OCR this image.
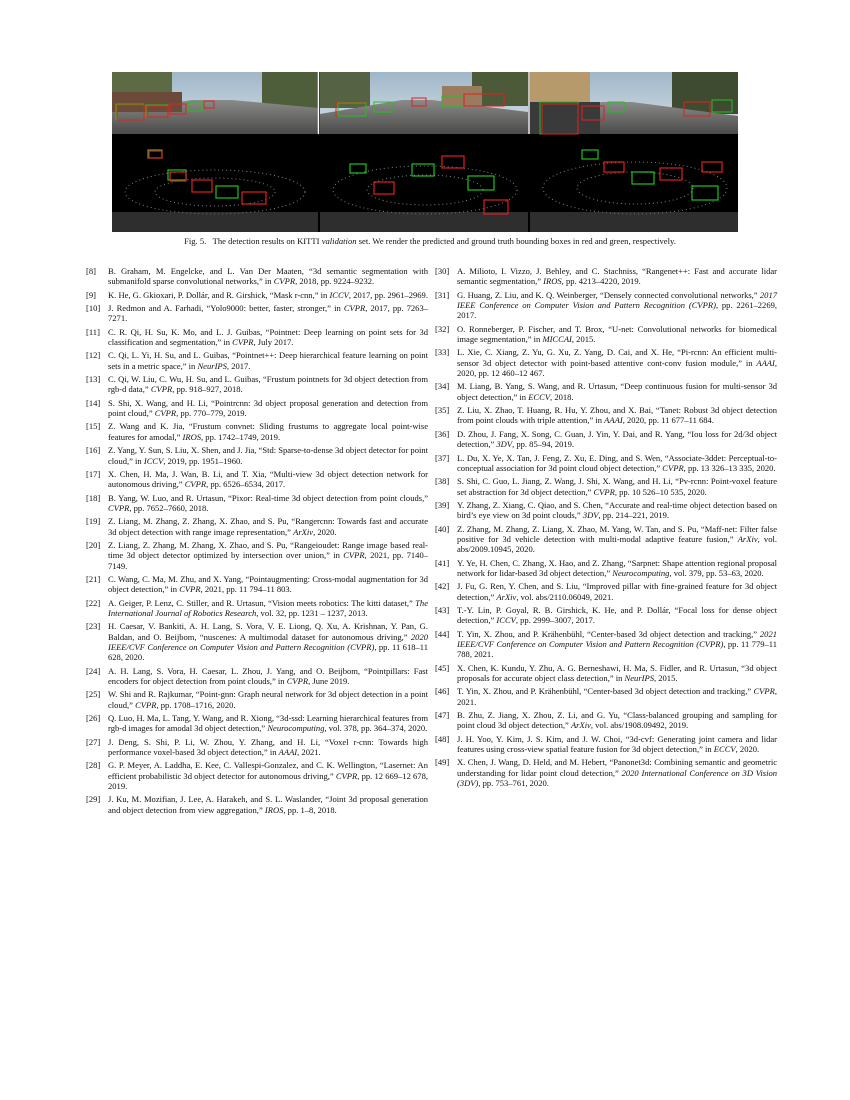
Fig. 5. The detection results on KITTI validation set. We render the predicted and ground truth bounding boxes in red and green, respectively.
[8] B. Graham, M. Engelcke, and L. Van Der Maaten, “3d semantic segmentation with submanifold sparse convolutional networks,” in CVPR, 2018, pp. 9224–9232.
[9] K. He, G. Gkioxari, P. Dollár, and R. Girshick, “Mask r-cnn,” in ICCV, 2017, pp. 2961–2969.
[10] J. Redmon and A. Farhadi, “Yolo9000: better, faster, stronger,” in CVPR, 2017, pp. 7263–7271.
[11] C. R. Qi, H. Su, K. Mo, and L. J. Guibas, “Pointnet: Deep learning on point sets for 3d classification and segmentation,” in CVPR, July 2017.
[12] C. Qi, L. Yi, H. Su, and L. Guibas, “Pointnet++: Deep hierarchical feature learning on point sets in a metric space,” in NeurIPS, 2017.
[13] C. Qi, W. Liu, C. Wu, H. Su, and L. Guibas, “Frustum pointnets for 3d object detection from rgb-d data,” CVPR, pp. 918–927, 2018.
[14] S. Shi, X. Wang, and H. Li, “Pointrcnn: 3d object proposal generation and detection from point cloud,” CVPR, pp. 770–779, 2019.
[15] Z. Wang and K. Jia, “Frustum convnet: Sliding frustums to aggregate local point-wise features for amodal,” IROS, pp. 1742–1749, 2019.
[16] Z. Yang, Y. Sun, S. Liu, X. Shen, and J. Jia, “Std: Sparse-to-dense 3d object detector for point cloud,” in ICCV, 2019, pp. 1951–1960.
[17] X. Chen, H. Ma, J. Wan, B. Li, and T. Xia, “Multi-view 3d object detection network for autonomous driving,” CVPR, pp. 6526–6534, 2017.
[18] B. Yang, W. Luo, and R. Urtasun, “Pixor: Real-time 3d object detection from point clouds,” CVPR, pp. 7652–7660, 2018.
[19] Z. Liang, M. Zhang, Z. Zhang, X. Zhao, and S. Pu, “Rangercnn: Towards fast and accurate 3d object detection with range image representation,” ArXiv, 2020.
[20] Z. Liang, Z. Zhang, M. Zhang, X. Zhao, and S. Pu, “Rangeioudet: Range image based real-time 3d object detector optimized by intersection over union,” in CVPR, 2021, pp. 7140–7149.
[21] C. Wang, C. Ma, M. Zhu, and X. Yang, “Pointaugmenting: Cross-modal augmentation for 3d object detection,” in CVPR, 2021, pp. 11 794–11 803.
[22] A. Geiger, P. Lenz, C. Stiller, and R. Urtasun, “Vision meets robotics: The kitti dataset,” The International Journal of Robotics Research, vol. 32, pp. 1231 – 1237, 2013.
[23] H. Caesar, V. Bankiti, A. H. Lang, S. Vora, V. E. Liong, Q. Xu, A. Krishnan, Y. Pan, G. Baldan, and O. Beijbom, “nuscenes: A multimodal dataset for autonomous driving,” 2020 IEEE/CVF Conference on Computer Vision and Pattern Recognition (CVPR), pp. 11 618–11 628, 2020.
[24] A. H. Lang, S. Vora, H. Caesar, L. Zhou, J. Yang, and O. Beijbom, “Pointpillars: Fast encoders for object detection from point clouds,” in CVPR, June 2019.
[25] W. Shi and R. Rajkumar, “Point-gnn: Graph neural network for 3d object detection in a point cloud,” CVPR, pp. 1708–1716, 2020.
[26] Q. Luo, H. Ma, L. Tang, Y. Wang, and R. Xiong, “3d-ssd: Learning hierarchical features from rgb-d images for amodal 3d object detection,” Neurocomputing, vol. 378, pp. 364–374, 2020.
[27] J. Deng, S. Shi, P. Li, W. Zhou, Y. Zhang, and H. Li, “Voxel r-cnn: Towards high performance voxel-based 3d object detection,” in AAAI, 2021.
[28] G. P. Meyer, A. Laddha, E. Kee, C. Vallespi-Gonzalez, and C. K. Wellington, “Lasernet: An efficient probabilistic 3d object detector for autonomous driving,” CVPR, pp. 12 669–12 678, 2019.
[29] J. Ku, M. Mozifian, J. Lee, A. Harakeh, and S. L. Waslander, “Joint 3d proposal generation and object detection from view aggregation,” IROS, pp. 1–8, 2018.
[30] A. Milioto, I. Vizzo, J. Behley, and C. Stachniss, “Rangenet++: Fast and accurate lidar semantic segmentation,” IROS, pp. 4213–4220, 2019.
[31] G. Huang, Z. Liu, and K. Q. Weinberger, “Densely connected convolutional networks,” 2017 IEEE Conference on Computer Vision and Pattern Recognition (CVPR), pp. 2261–2269, 2017.
[32] O. Ronneberger, P. Fischer, and T. Brox, “U-net: Convolutional networks for biomedical image segmentation,” in MICCAI, 2015.
[33] L. Xie, C. Xiang, Z. Yu, G. Xu, Z. Yang, D. Cai, and X. He, “Pi-rcnn: An efficient multi-sensor 3d object detector with point-based attentive cont-conv fusion module,” in AAAI, 2020, pp. 12 460–12 467.
[34] M. Liang, B. Yang, S. Wang, and R. Urtasun, “Deep continuous fusion for multi-sensor 3d object detection,” in ECCV, 2018.
[35] Z. Liu, X. Zhao, T. Huang, R. Hu, Y. Zhou, and X. Bai, “Tanet: Robust 3d object detection from point clouds with triple attention,” in AAAI, 2020, pp. 11 677–11 684.
[36] D. Zhou, J. Fang, X. Song, C. Guan, J. Yin, Y. Dai, and R. Yang, “Iou loss for 2d/3d object detection,” 3DV, pp. 85–94, 2019.
[37] L. Du, X. Ye, X. Tan, J. Feng, Z. Xu, E. Ding, and S. Wen, “Associate-3ddet: Perceptual-to-conceptual association for 3d point cloud object detection,” CVPR, pp. 13 326–13 335, 2020.
[38] S. Shi, C. Guo, L. Jiang, Z. Wang, J. Shi, X. Wang, and H. Li, “Pv-rcnn: Point-voxel feature set abstraction for 3d object detection,” CVPR, pp. 10 526–10 535, 2020.
[39] Y. Zhang, Z. Xiang, C. Qiao, and S. Chen, “Accurate and real-time object detection based on bird’s eye view on 3d point clouds,” 3DV, pp. 214–221, 2019.
[40] Z. Zhang, M. Zhang, Z. Liang, X. Zhao, M. Yang, W. Tan, and S. Pu, “Maff-net: Filter false positive for 3d vehicle detection with multi-modal adaptive feature fusion,” ArXiv, vol. abs/2009.10945, 2020.
[41] Y. Ye, H. Chen, C. Zhang, X. Hao, and Z. Zhang, “Sarpnet: Shape attention regional proposal network for lidar-based 3d object detection,” Neurocomputing, vol. 379, pp. 53–63, 2020.
[42] J. Fu, G. Ren, Y. Chen, and S. Liu, “Improved pillar with fine-grained feature for 3d object detection,” ArXiv, vol. abs/2110.06049, 2021.
[43] T.-Y. Lin, P. Goyal, R. B. Girshick, K. He, and P. Dollár, “Focal loss for dense object detection,” ICCV, pp. 2999–3007, 2017.
[44] T. Yin, X. Zhou, and P. Krähenbühl, “Center-based 3d object detection and tracking,” 2021 IEEE/CVF Conference on Computer Vision and Pattern Recognition (CVPR), pp. 11 779–11 788, 2021.
[45] X. Chen, K. Kundu, Y. Zhu, A. G. Berneshawi, H. Ma, S. Fidler, and R. Urtasun, “3d object proposals for accurate object class detection,” in NeurIPS, 2015.
[46] T. Yin, X. Zhou, and P. Krähenbühl, “Center-based 3d object detection and tracking,” CVPR, 2021.
[47] B. Zhu, Z. Jiang, X. Zhou, Z. Li, and G. Yu, “Class-balanced grouping and sampling for point cloud 3d object detection,” ArXiv, vol. abs/1908.09492, 2019.
[48] J. H. Yoo, Y. Kim, J. S. Kim, and J. W. Choi, “3d-cvf: Generating joint camera and lidar features using cross-view spatial feature fusion for 3d object detection,” in ECCV, 2020.
[49] X. Chen, J. Wang, D. Held, and M. Hebert, “Panonet3d: Combining semantic and geometric understanding for lidar point cloud detection,” 2020 International Conference on 3D Vision (3DV), pp. 753–761, 2020.
